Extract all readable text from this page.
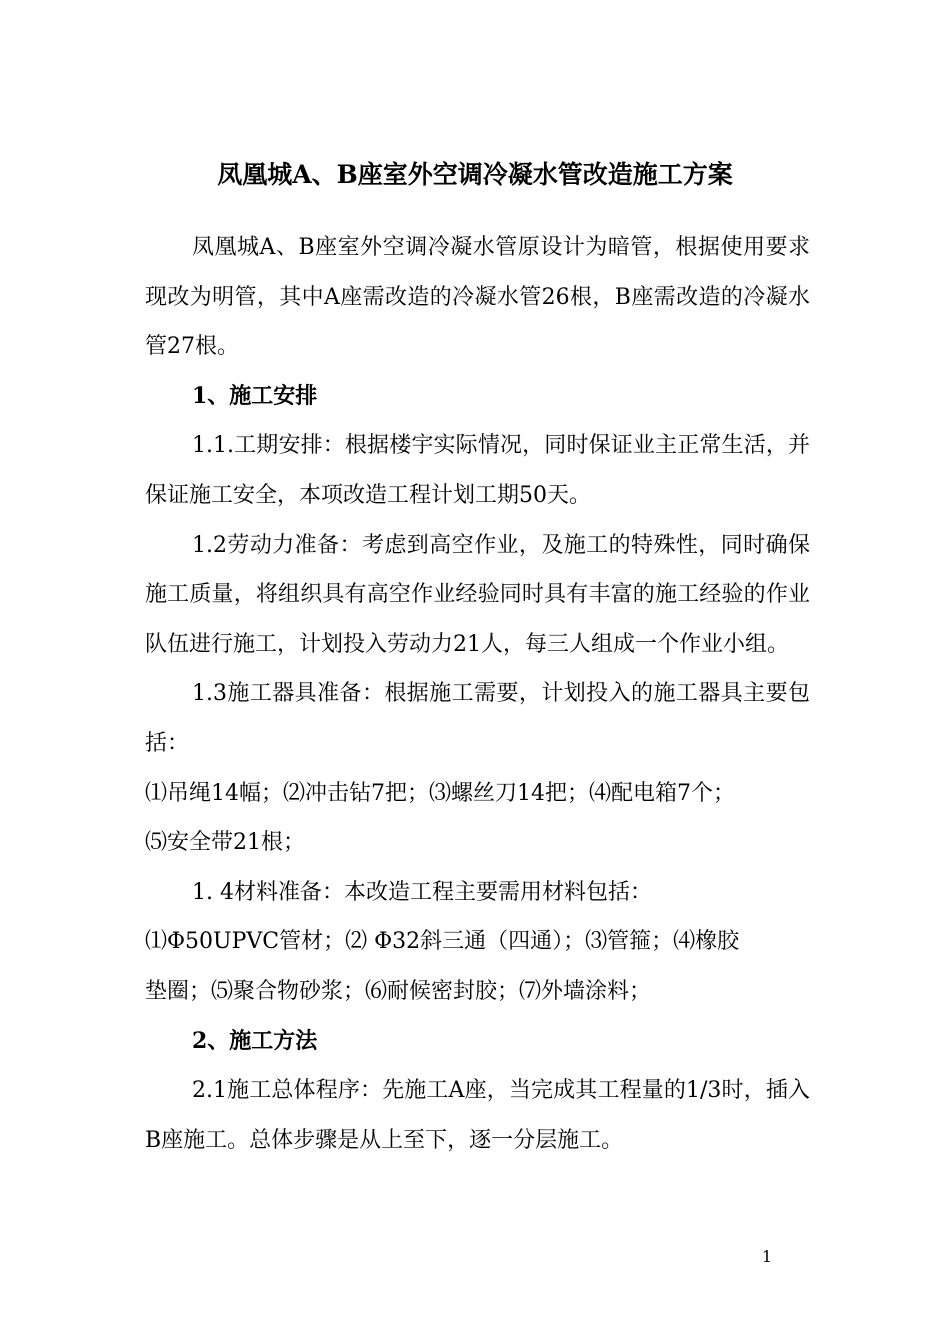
凤凰城A、B座室外空调冷凝水管改造施工方案

凤凰城A、B座室外空调冷凝水管原设计为暗管，根据使用要求现改为明管，其中A座需改造的冷凝水管26根，B座需改造的冷凝水管27根。

1、施工安排

1.1.工期安排：根据楼宇实际情况，同时保证业主正常生活，并保证施工安全，本项改造工程计划工期50天。

1.2劳动力准备：考虑到高空作业，及施工的特殊性，同时确保施工质量，将组织具有高空作业经验同时具有丰富的施工经验的作业队伍进行施工，计划投入劳动力21人，每三人组成一个作业小组。

1.3施工器具准备：根据施工需要，计划投入的施工器具主要包括：

⑴吊绳14幅；⑵冲击钻7把；⑶螺丝刀14把；⑷配电箱7个；

⑸安全带21根；

1. 4材料准备：本改造工程主要需用材料包括：

⑴Φ50UPVC管材；⑵ Φ32斜三通（四通）；⑶管箍；⑷橡胶

垫圈；⑸聚合物砂浆；⑹耐候密封胶；⑺外墙涂料；

2、施工方法

2.1施工总体程序：先施工A座，当完成其工程量的1/3时，插入B座施工。总体步骤是从上至下，逐一分层施工。

1
